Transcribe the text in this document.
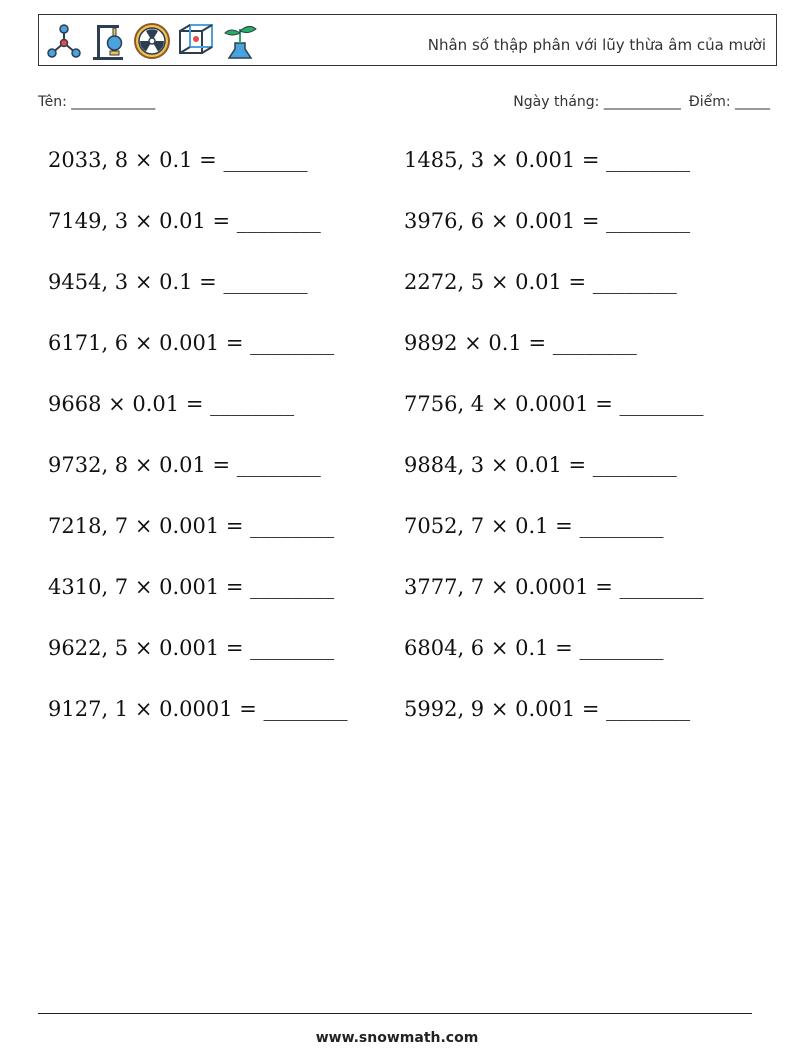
Nhân số thập phân với lũy thừa âm của mười
Tên: ____________	Ngày tháng: ___________ Điểm: _____
2033, 8 × 0.1 = ________	1485, 3 × 0.001 = ________
7149, 3 × 0.01 = ________	3976, 6 × 0.001 = ________
9454, 3 × 0.1 = ________	2272, 5 × 0.01 = ________
6171, 6 × 0.001 = ________	9892 × 0.1 = ________
9668 × 0.01 = ________	7756, 4 × 0.0001 = ________
9732, 8 × 0.01 = ________	9884, 3 × 0.01 = ________
7218, 7 × 0.001 = ________	7052, 7 × 0.1 = ________
4310, 7 × 0.001 = ________	3777, 7 × 0.0001 = ________
9622, 5 × 0.001 = ________	6804, 6 × 0.1 = ________
9127, 1 × 0.0001 = ________	5992, 9 × 0.001 = ________
www.snowmath.com
